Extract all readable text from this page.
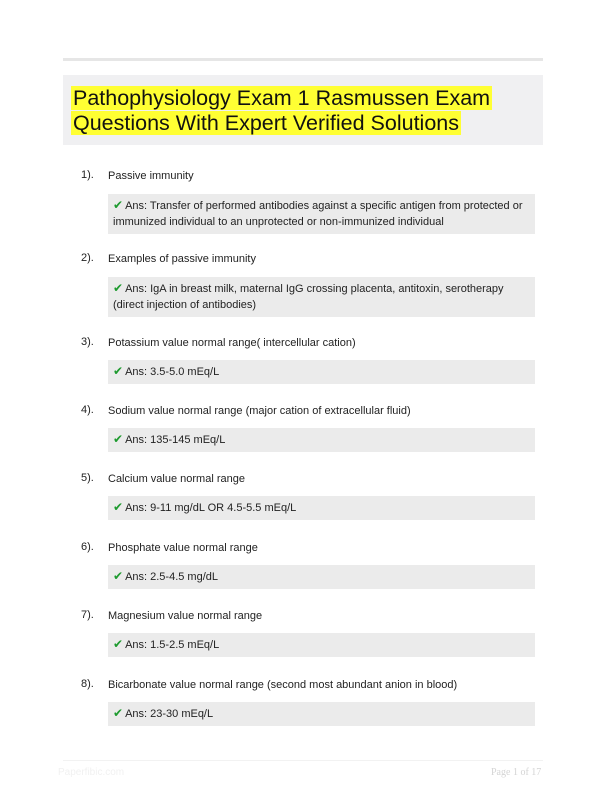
Pathophysiology Exam 1 Rasmussen Exam
Questions With Expert Verified Solutions
1). Passive immunity
✔ Ans: Transfer of performed antibodies against a specific antigen from protected or immunized individual to an unprotected or non-immunized individual
2). Examples of passive immunity
✔ Ans: IgA in breast milk, maternal IgG crossing placenta, antitoxin, serotherapy (direct injection of antibodies)
3). Potassium value normal range( intercellular cation)
✔ Ans: 3.5-5.0 mEq/L
4). Sodium value normal range (major cation of extracellular fluid)
✔ Ans: 135-145 mEq/L
5). Calcium value normal range
✔ Ans: 9-11 mg/dL OR 4.5-5.5 mEq/L
6). Phosphate value normal range
✔ Ans: 2.5-4.5 mg/dL
7). Magnesium value normal range
✔ Ans: 1.5-2.5 mEq/L
8). Bicarbonate value normal range (second most abundant anion in blood)
✔ Ans: 23-30 mEq/L
Paperfibic.com	Page 1 of 17
